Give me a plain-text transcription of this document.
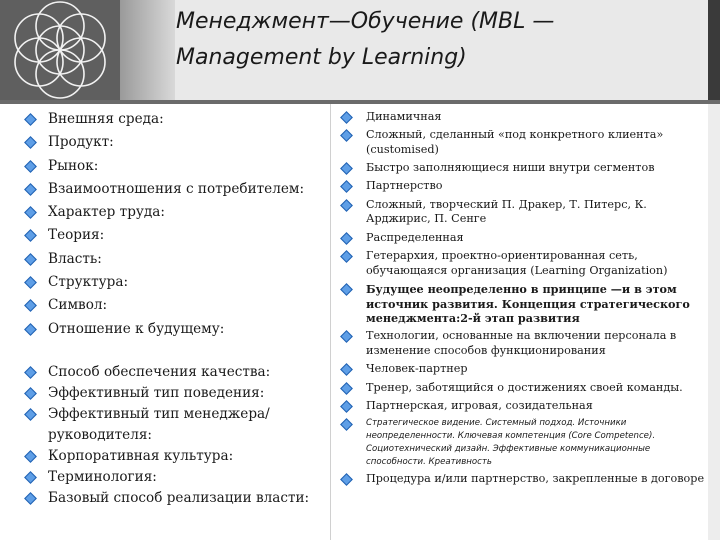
Менеджмент—Обучение (MBL — Management by Learning)
Внешняя среда:
Продукт:
Рынок:
Взаимоотношения с потребителем:
Характер труда:
Теория:
Власть:
Структура:
Символ:
Отношение к будущему:
Способ обеспечения качества:
Эффективный тип поведения:
Эффективный тип менеджера/руководителя:
Корпоративная культура:
Терминология:
Базовый способ реализации власти:
Динамичная
Сложный, сделанный «под конкретного клиента» (customised)
Быстро заполняющиеся ниши внутри сегментов
Партнерство
Сложный, творческий П. Дракер, Т. Питерс, К. Арджирис, П. Сенге
Распределенная
Гетерархия, проектно-ориентированная сеть, обучающаяся организация (Learning Organization)
Будущее неопределенно в принципе —и в этом источник развития. Концепция стратегического менеджмента:2-й этап развития
Технологии, основанные на включении персонала в изменение способов функционирования
Человек-партнер
Тренер, заботящийся о достижениях своей команды.
Партнерская, игровая, созидательная
Стратегическое видение. Системный подход. Источники неопределенности. Ключевая компетенция (Core Competence). Социотехнический дизайн. Эффективные коммуникационные способности. Креативность
Процедура и/или партнерство, закрепленные в договоре
